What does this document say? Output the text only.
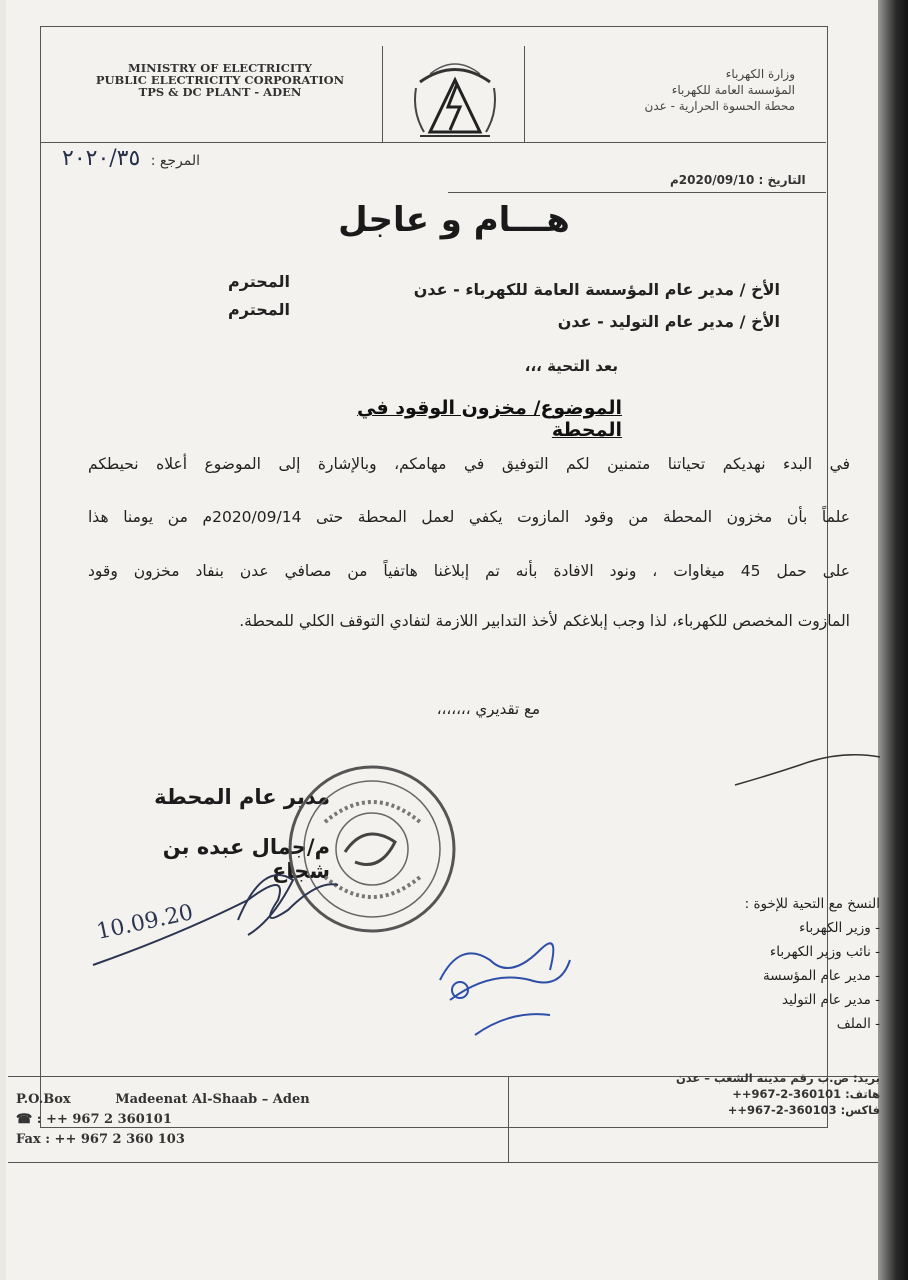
MINISTRY OF ELECTRICITY
PUBLIC ELECTRICITY CORPORATION
TPS & DC PLANT - ADEN
وزارة الكهرباء
المؤسسة العامة للكهرباء
محطة الحسوة الحرارية - عدن
المرجع : ٢٠٢٠/٣٥
التاريخ : 2020/09/10م
هـــام و عاجل
الأخ / مدير عام المؤسسة العامة للكهرباء - عدن
المحترم
الأخ / مدير عام التوليد - عدن
المحترم
بعد التحية ،،،
الموضوع/ مخزون الوقود في المحطة
في البدء نهديكم تحياتنا متمنين لكم التوفيق في مهامكم، وبالإشارة إلى الموضوع أعلاه نحيطكم
علماً بأن مخزون المحطة من وقود المازوت يكفي لعمل المحطة حتى 2020/09/14م من يومنا هذا
على حمل 45 ميغاوات ، ونود الافادة بأنه تم إبلاغنا هاتفياً من مصافي عدن بنفاد مخزون وقود
المازوت المخصص للكهرباء، لذا وجب إبلاغكم لأخذ التدابير اللازمة لتفادي التوقف الكلي للمحطة.
مع تقديري ،،،،،،،
مدير عام المحطة
م/جمال عبده بن شجاع
10.09.20	النسخ مع التحية للإخوة :
- وزير الكهرباء
- نائب وزير الكهرباء
- مدير عام المؤسسة
- مدير عام التوليد
- الملف
P.O.Box	Madeenat Al-Shaab – Aden
☎ : ++ 967 2 360101
Fax : ++ 967 2 360 103
بريد: ص.ب رقم مدينة الشعب – عدن
هاتف: 360101-2-967++
فاكس: 360103-2-967++
